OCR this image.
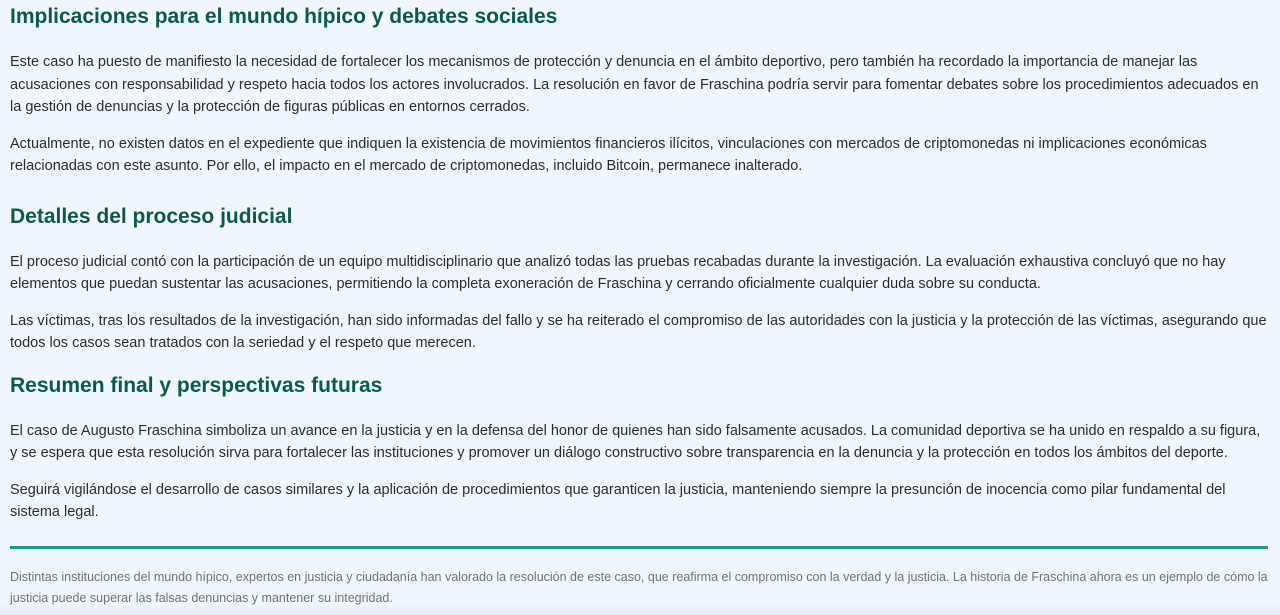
Implicaciones para el mundo hípico y debates sociales

Este caso ha puesto de manifiesto la necesidad de fortalecer los mecanismos de protección y denuncia en el ámbito deportivo, pero también ha recordado la importancia de manejar las acusaciones con responsabilidad y respeto hacia todos los actores involucrados. La resolución en favor de Fraschina podría servir para fomentar debates sobre los procedimientos adecuados en la gestión de denuncias y la protección de figuras públicas en entornos cerrados.

Actualmente, no existen datos en el expediente que indiquen la existencia de movimientos financieros ilícitos, vinculaciones con mercados de criptomonedas ni implicaciones económicas relacionadas con este asunto. Por ello, el impacto en el mercado de criptomonedas, incluido Bitcoin, permanece inalterado.

Detalles del proceso judicial

El proceso judicial contó con la participación de un equipo multidisciplinario que analizó todas las pruebas recabadas durante la investigación. La evaluación exhaustiva concluyó que no hay elementos que puedan sustentar las acusaciones, permitiendo la completa exoneración de Fraschina y cerrando oficialmente cualquier duda sobre su conducta.

Las víctimas, tras los resultados de la investigación, han sido informadas del fallo y se ha reiterado el compromiso de las autoridades con la justicia y la protección de las víctimas, asegurando que todos los casos sean tratados con la seriedad y el respeto que merecen.

Resumen final y perspectivas futuras

El caso de Augusto Fraschina simboliza un avance en la justicia y en la defensa del honor de quienes han sido falsamente acusados. La comunidad deportiva se ha unido en respaldo a su figura, y se espera que esta resolución sirva para fortalecer las instituciones y promover un diálogo constructivo sobre transparencia en la denuncia y la protección en todos los ámbitos del deporte.

Seguirá vigilándose el desarrollo de casos similares y la aplicación de procedimientos que garanticen la justicia, manteniendo siempre la presunción de inocencia como pilar fundamental del sistema legal.

Distintas instituciones del mundo hípico, expertos en justicia y ciudadanía han valorado la resolución de este caso, que reafirma el compromiso con la verdad y la justicia. La historia de Fraschina ahora es un ejemplo de cómo la justicia puede superar las falsas denuncias y mantener su integridad.
